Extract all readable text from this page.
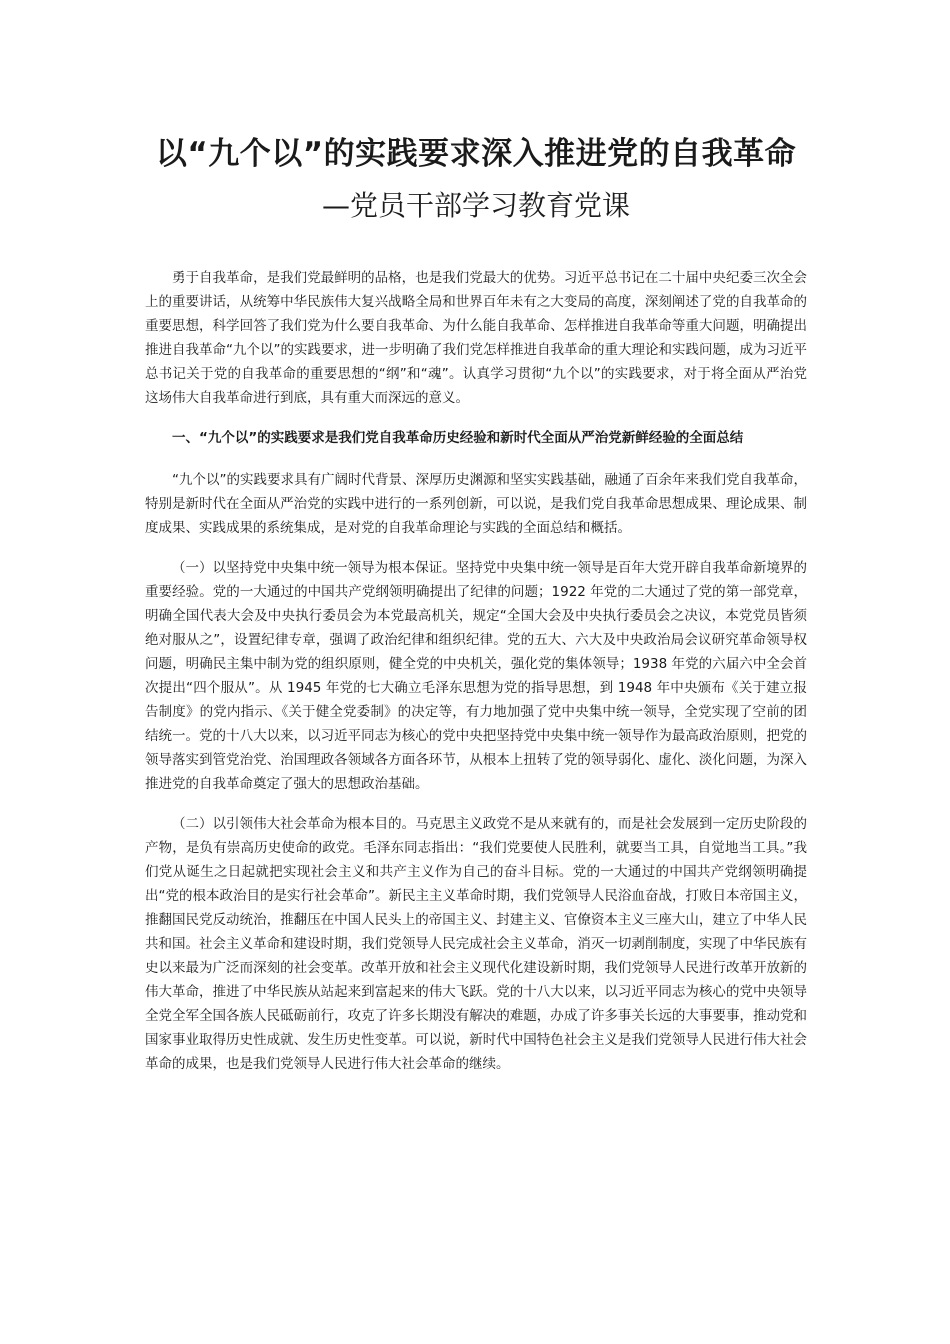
以“九个以”的实践要求深入推进党的自我革命
—党员干部学习教育党课

勇于自我革命，是我们党最鲜明的品格，也是我们党最大的优势。习近平总书记在二十届中央纪委三次全会上的重要讲话，从统筹中华民族伟大复兴战略全局和世界百年未有之大变局的高度，深刻阐述了党的自我革命的重要思想，科学回答了我们党为什么要自我革命、为什么能自我革命、怎样推进自我革命等重大问题，明确提出推进自我革命“九个以”的实践要求，进一步明确了我们党怎样推进自我革命的重大理论和实践问题，成为习近平总书记关于党的自我革命的重要思想的“纲”和“魂”。认真学习贯彻“九个以”的实践要求，对于将全面从严治党这场伟大自我革命进行到底，具有重大而深远的意义。

一、“九个以”的实践要求是我们党自我革命历史经验和新时代全面从严治党新鲜经验的全面总结

“九个以”的实践要求具有广阔时代背景、深厚历史渊源和坚实实践基础，融通了百余年来我们党自我革命，特别是新时代在全面从严治党的实践中进行的一系列创新，可以说，是我们党自我革命思想成果、理论成果、制度成果、实践成果的系统集成，是对党的自我革命理论与实践的全面总结和概括。

（一）以坚持党中央集中统一领导为根本保证。坚持党中央集中统一领导是百年大党开辟自我革命新境界的重要经验。党的一大通过的中国共产党纲领明确提出了纪律的问题；1922 年党的二大通过了党的第一部党章，明确全国代表大会及中央执行委员会为本党最高机关，规定“全国大会及中央执行委员会之决议，本党党员皆须绝对服从之”，设置纪律专章，强调了政治纪律和组织纪律。党的五大、六大及中央政治局会议研究革命领导权问题，明确民主集中制为党的组织原则，健全党的中央机关，强化党的集体领导；1938 年党的六届六中全会首次提出“四个服从”。从 1945 年党的七大确立毛泽东思想为党的指导思想，到 1948 年中央颁布《关于建立报告制度》的党内指示、《关于健全党委制》的决定等，有力地加强了党中央集中统一领导，全党实现了空前的团结统一。党的十八大以来，以习近平同志为核心的党中央把坚持党中央集中统一领导作为最高政治原则，把党的领导落实到管党治党、治国理政各领域各方面各环节，从根本上扭转了党的领导弱化、虚化、淡化问题，为深入推进党的自我革命奠定了强大的思想政治基础。

（二）以引领伟大社会革命为根本目的。马克思主义政党不是从来就有的，而是社会发展到一定历史阶段的产物，是负有崇高历史使命的政党。毛泽东同志指出：“我们党要使人民胜利，就要当工具，自觉地当工具。”我们党从诞生之日起就把实现社会主义和共产主义作为自己的奋斗目标。党的一大通过的中国共产党纲领明确提出“党的根本政治目的是实行社会革命”。新民主主义革命时期，我们党领导人民浴血奋战，打败日本帝国主义，推翻国民党反动统治，推翻压在中国人民头上的帝国主义、封建主义、官僚资本主义三座大山，建立了中华人民共和国。社会主义革命和建设时期，我们党领导人民完成社会主义革命，消灭一切剥削制度，实现了中华民族有史以来最为广泛而深刻的社会变革。改革开放和社会主义现代化建设新时期，我们党领导人民进行改革开放新的伟大革命，推进了中华民族从站起来到富起来的伟大飞跃。党的十八大以来，以习近平同志为核心的党中央领导全党全军全国各族人民砥砺前行，攻克了许多长期没有解决的难题，办成了许多事关长远的大事要事，推动党和国家事业取得历史性成就、发生历史性变革。可以说，新时代中国特色社会主义是我们党领导人民进行伟大社会革命的成果，也是我们党领导人民进行伟大社会革命的继续。
